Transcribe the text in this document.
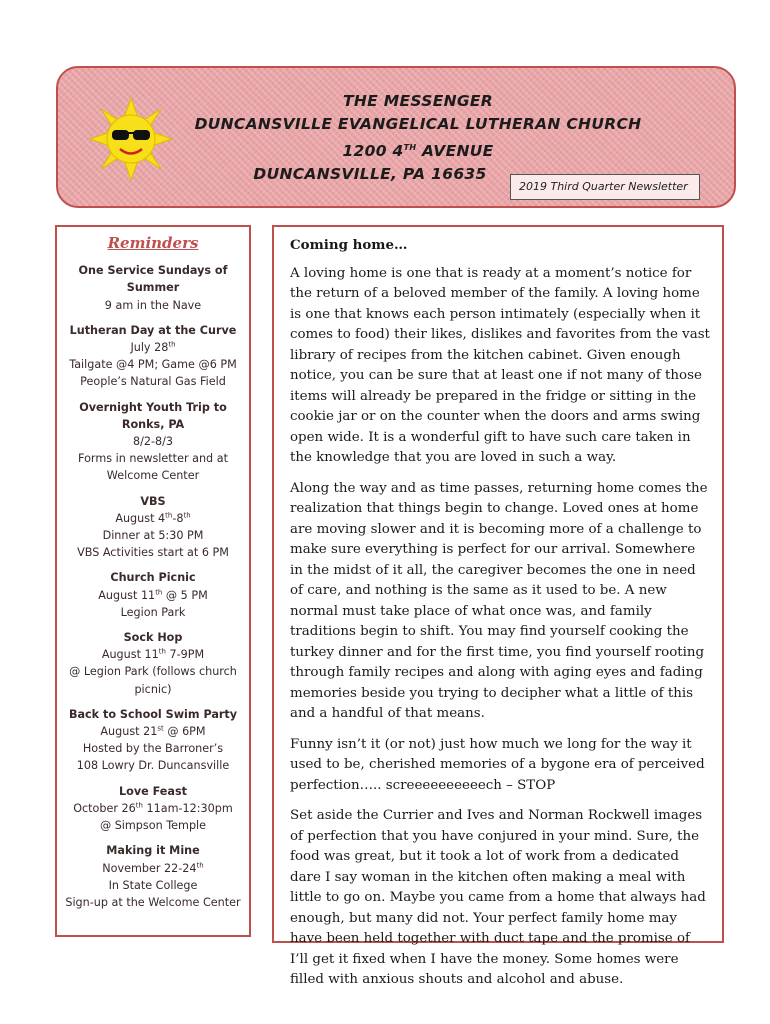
THE MESSENGER
DUNCANSVILLE EVANGELICAL LUTHERAN CHURCH
1200 4TH AVENUE
DUNCANSVILLE, PA 16635
2019 Third Quarter Newsletter
Reminders
One Service Sundays of Summer
9 am in the Nave
Lutheran Day at the Curve
July 28th
Tailgate @4 PM; Game @6 PM
People’s Natural Gas Field
Overnight Youth Trip to Ronks, PA
8/2-8/3
Forms in newsletter and at Welcome Center
VBS
August 4th-8th
Dinner at 5:30 PM
VBS Activities start at 6 PM
Church Picnic
August 11th @ 5 PM
Legion Park
Sock Hop
August 11th 7-9PM
@ Legion Park (follows church picnic)
Back to School Swim Party
August 21st @ 6PM
Hosted by the Barroner’s
108 Lowry Dr. Duncansville
Love Feast
October 26th 11am-12:30pm
@ Simpson Temple
Making it Mine
November 22-24th
In State College
Sign-up at the Welcome Center
Coming home…

A loving home is one that is ready at a moment’s notice for the return of a beloved member of the family. A loving home is one that knows each person intimately (especially when it comes to food) their likes, dislikes and favorites from the vast library of recipes from the kitchen cabinet. Given enough notice, you can be sure that at least one if not many of those items will already be prepared in the fridge or sitting in the cookie jar or on the counter when the doors and arms swing open wide. It is a wonderful gift to have such care taken in the knowledge that you are loved in such a way.

Along the way and as time passes, returning home comes the realization that things begin to change. Loved ones at home are moving slower and it is becoming more of a challenge to make sure everything is perfect for our arrival. Somewhere in the midst of it all, the caregiver becomes the one in need of care, and nothing is the same as it used to be. A new normal must take place of what once was, and family traditions begin to shift. You may find yourself cooking the turkey dinner and for the first time, you find yourself rooting through family recipes and along with aging eyes and fading memories beside you trying to decipher what a little of this and a handful of that means.

Funny isn’t it (or not) just how much we long for the way it used to be, cherished memories of a bygone era of perceived perfection….. screeeeeeeeeech – STOP

Set aside the Currier and Ives and Norman Rockwell images of perfection that you have conjured in your mind. Sure, the food was great, but it took a lot of work from a dedicated dare I say woman in the kitchen often making a meal with little to go on. Maybe you came from a home that always had enough, but many did not. Your perfect family home may have been held together with duct tape and the promise of I’ll get it fixed when I have the money. Some homes were filled with anxious shouts and alcohol and abuse.
